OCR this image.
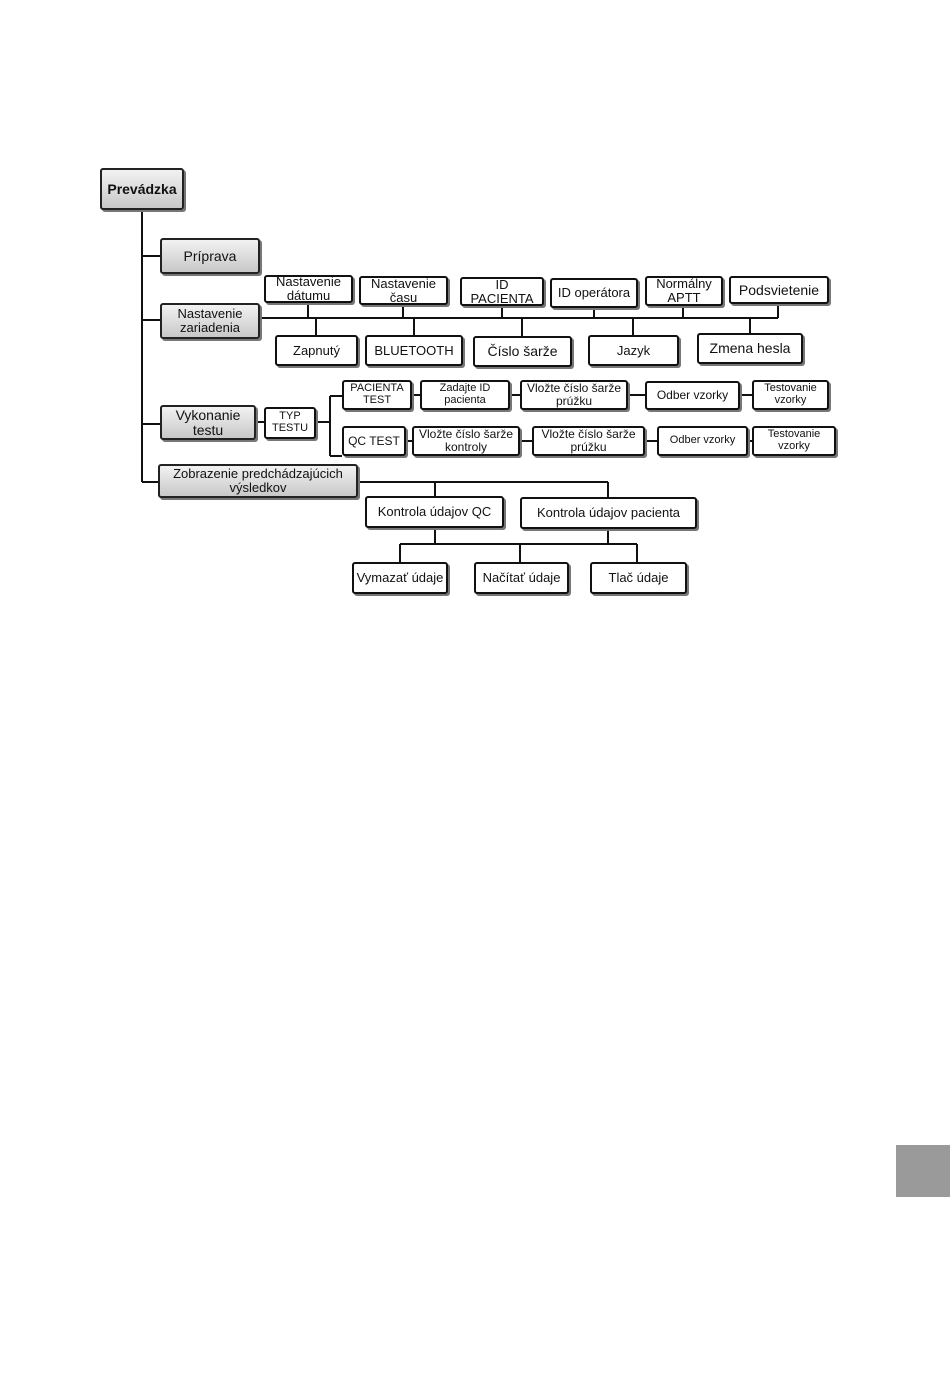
Prevádzka
Príprava
Nastavenie zariadenia
Nastavenie dátumu
Nastavenie času
ID PACIENTA	ID operátora
Normálny APTT	Podsvietenie
Zapnutý	BLUETOOTH	Číslo šarže	Jazyk	Zmena hesla
Vykonanie testu
TYP TESTU
PACIENTA TEST
Zadajte ID pacienta
Vložte číslo šarže prúžku	Odber vzorky	Testovanie vzorky
QC TEST	Vložte číslo šarže kontroly
Vložte číslo šarže prúžku	Odber vzorky	Testovanie vzorky
Zobrazenie predchádzajúcich výsledkov
Kontrola údajov QC	Kontrola údajov pacienta
Vymazať údaje	Načítať údaje	Tlač údaje
